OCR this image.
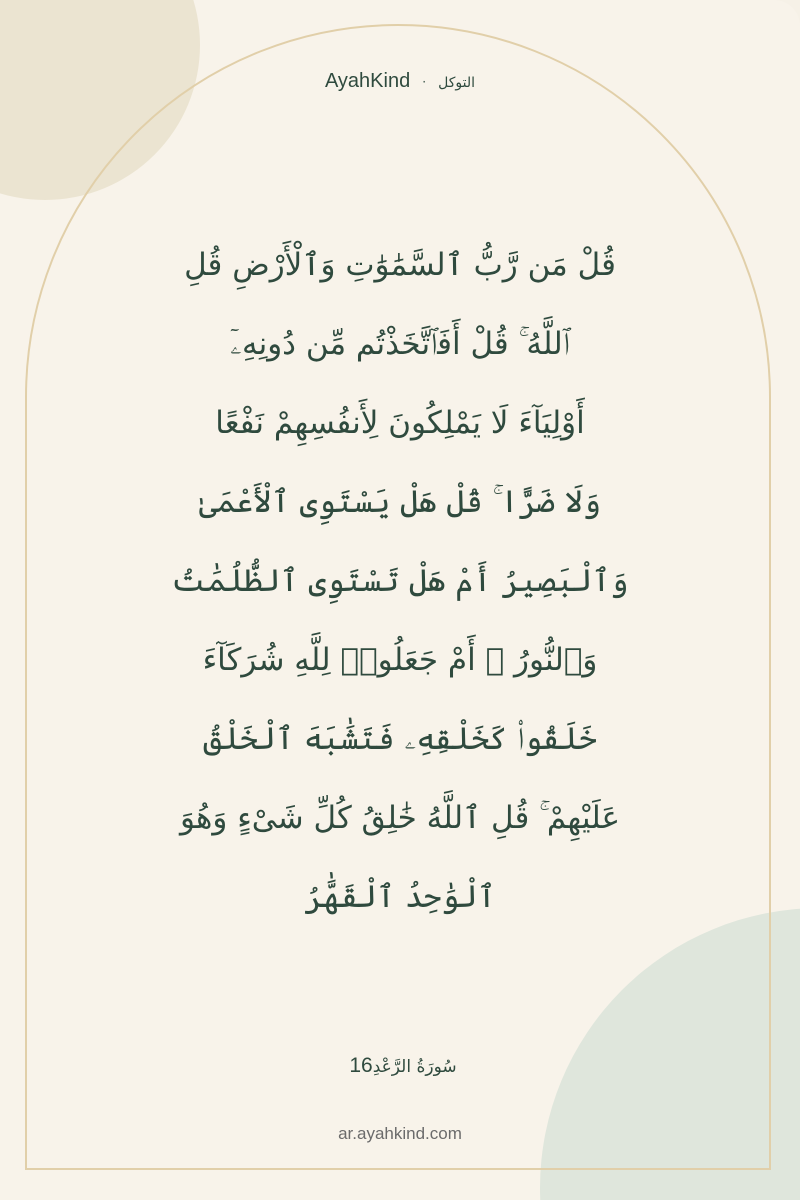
AyahKind · التوكل
قُلْ مَن رَّبُّ ٱلسَّمَٰوَٰتِ وَٱلْأَرْضِ قُلِ
ٱللَّهُ ۚ قُلْ أَفَٱتَّخَذْتُم مِّن دُونِهِۦٓ
أَوْلِيَآءَ لَا يَمْلِكُونَ لِأَنفُسِهِمْ نَفْعًا
وَلَا ضَرًّا ۚ قُلْ هَلْ يَسْتَوِى ٱلْأَعْمَىٰ
وَٱلْبَصِيرُ أَمْ هَلْ تَسْتَوِى ٱلظُّلُمَٰتُ
وَٱلنُّورُ ۗ أَمْ جَعَلُوا۟ لِلَّهِ شُرَكَآءَ
خَلَقُوا۟ كَخَلْقِهِۦ فَتَشَٰبَهَ ٱلْخَلْقُ
عَلَيْهِمْ ۚ قُلِ ٱللَّهُ خَٰلِقُ كُلِّ شَىْءٍ وَهُوَ
ٱلْوَٰحِدُ ٱلْقَهَّٰرُ
سُورَةُ الرَّعْدِ16
ar.ayahkind.com
